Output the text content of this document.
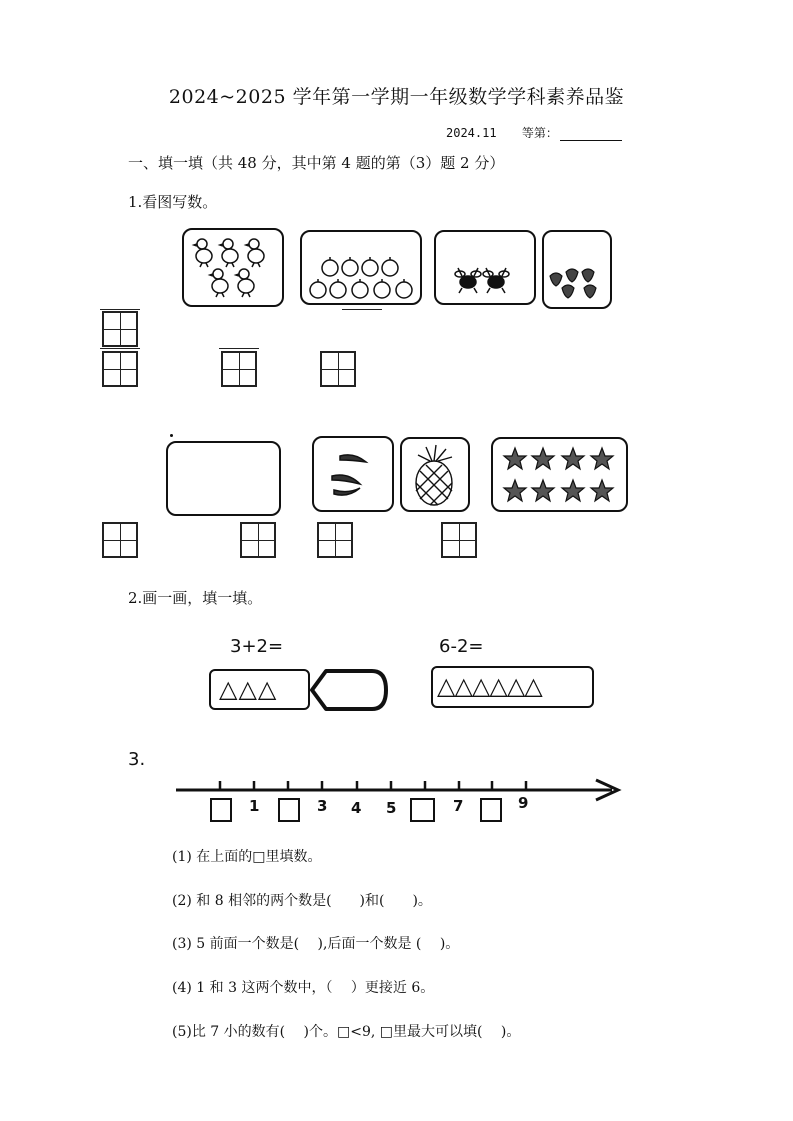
2024~2025 学年第一学期一年级数学学科素养品鉴
2024.11 等第：
一、填一填（共 48 分，其中第 4 题的第（3）题 2 分）
1.看图写数。
2.画一画，填一填。
3+2=	6-2=
△△△	△△△△△△
3.
1	3 4 5	7	9
(1) 在上面的□里填数。
(2) 和 8 相邻的两个数是(　　)和(　　)。
(3) 5 前面一个数是(　 ),后面一个数是 (　 )。
(4) 1 和 3 这两个数中，（　 ）更接近 6。
(5)比 7 小的数有(　 )个。□<9, □里最大可以填(　 )。
